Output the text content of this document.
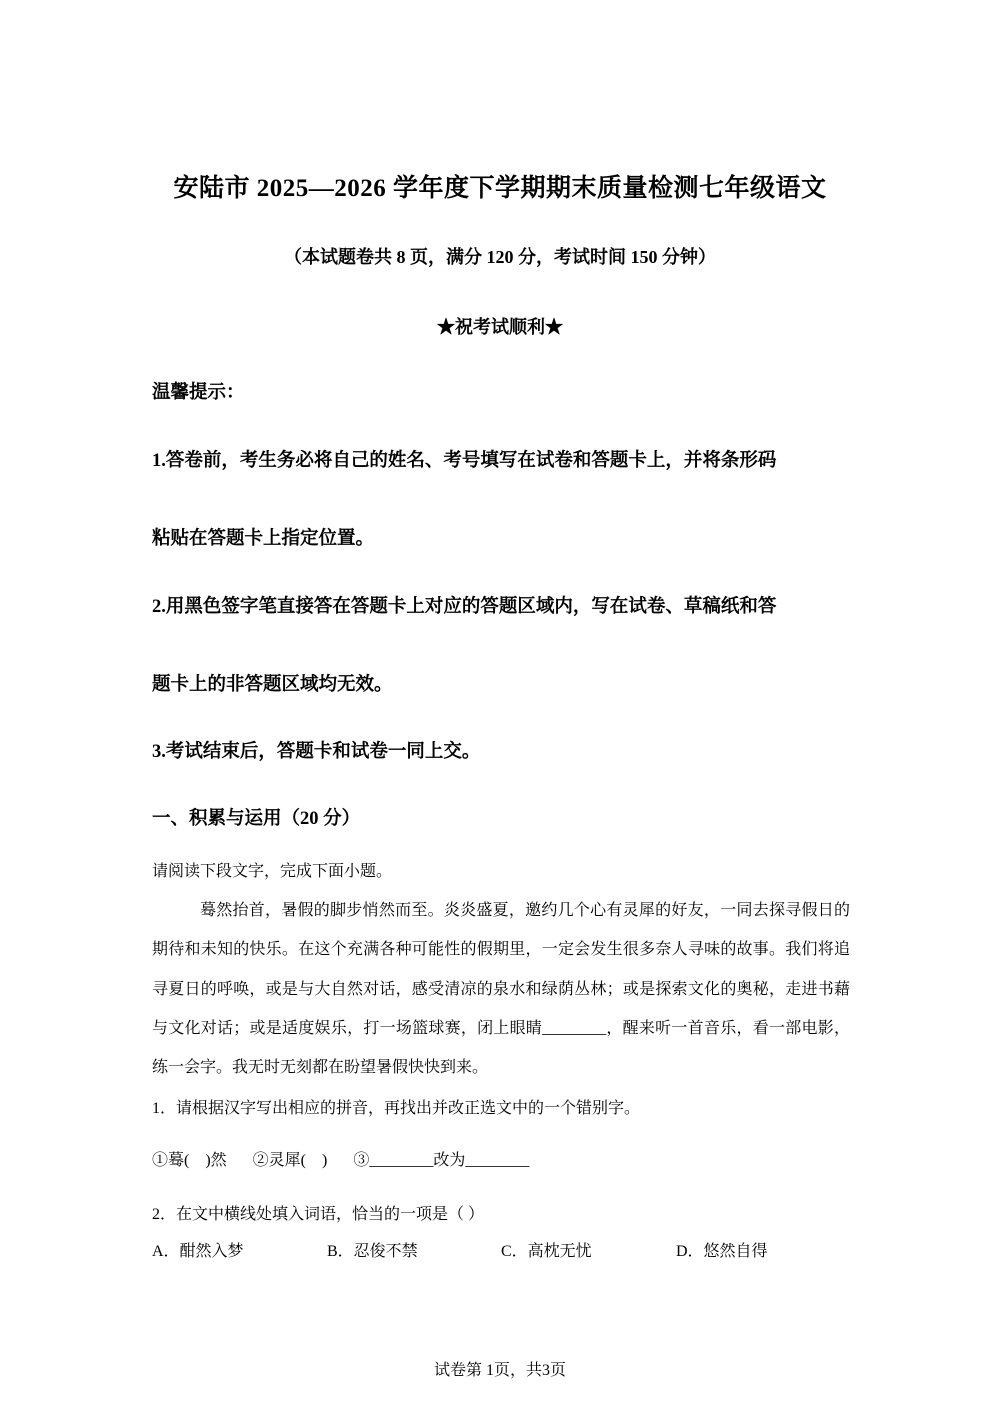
安陆市 2025—2026 学年度下学期期末质量检测七年级语文
（本试题卷共 8 页，满分 120 分，考试时间 150 分钟）
★祝考试顺利★
温馨提示：
1.答卷前，考生务必将自己的姓名、考号填写在试卷和答题卡上，并将条形码
粘贴在答题卡上指定位置。
2.用黑色签字笔直接答在答题卡上对应的答题区域内，写在试卷、草稿纸和答
题卡上的非答题区域均无效。
3.考试结束后，答题卡和试卷一同上交。
一、积累与运用（20 分）
请阅读下段文字，完成下面小题。
蓦然抬首，暑假的脚步悄然而至。炎炎盛夏，邀约几个心有灵犀的好友，一同去探寻假日的期待和未知的快乐。在这个充满各种可能性的假期里，一定会发生很多奈人寻味的故事。我们将追寻夏日的呼唤，或是与大自然对话，感受清凉的泉水和绿荫丛林；或是探索文化的奥秘，走进书藉与文化对话；或是适度娱乐，打一场篮球赛，闭上眼睛________，醒来听一首音乐，看一部电影，练一会字。我无时无刻都在盼望暑假快快到来。
1．请根据汉字写出相应的拼音，再找出并改正选文中的一个错别字。
①蓦(　)然 ②灵犀(　) ③________改为________
2．在文中横线处填入词语，恰当的一项是（ ）
A．酣然入梦	B．忍俊不禁	C．高枕无忧	D．悠然自得
试卷第 1页，共3页
